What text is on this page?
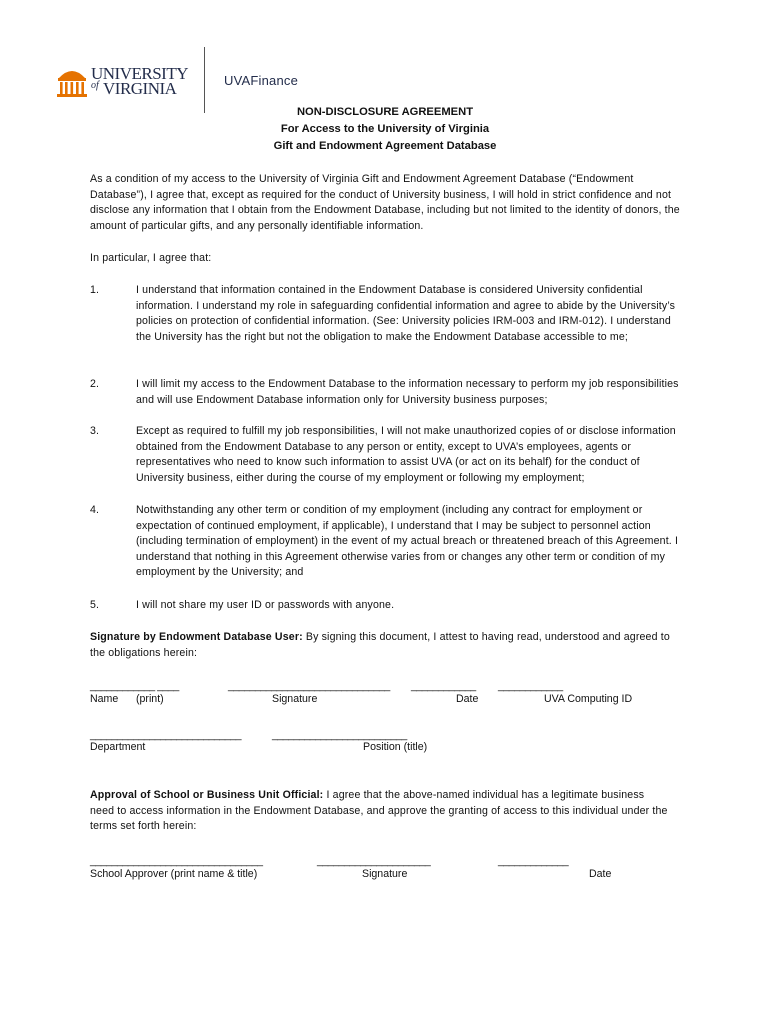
UNIVERSITY
of VIRGINIA	UVAFinance
NON-DISCLOSURE AGREEMENT
For Access to the University of Virginia
Gift and Endowment Agreement Database
As a condition of my access to the University of Virginia Gift and Endowment Agreement Database (“Endowment Database”), I agree that, except as required for the conduct of University business, I will hold in strict confidence and not disclose any information that I obtain from the Endowment Database, including but not limited to the identity of donors, the amount of particular gifts, and any personally identifiable information.
In particular, I agree that:
1.	I understand that information contained in the Endowment Database is considered University confidential information. I understand my role in safeguarding confidential information and agree to abide by the University’s policies on protection of confidential information. (See: University policies IRM-003 and IRM-012). I understand the University has the right but not the obligation to make the Endowment Database accessible to me;
2.	I will limit my access to the Endowment Database to the information necessary to perform my job responsibilities and will use Endowment Database information only for University business purposes;
3.	Except as required to fulfill my job responsibilities, I will not make unauthorized copies of or disclose information obtained from the Endowment Database to any person or entity, except to UVA’s employees, agents or representatives who need to know such information to assist UVA (or act on its behalf) for the conduct of University business, either during the course of my employment or following my employment;
4.	Notwithstanding any other term or condition of my employment (including any contract for employment or expectation of continued employment, if applicable), I understand that I may be subject to personnel action (including termination of employment) in the event of my actual breach or threatened breach of this Agreement. I understand that nothing in this Agreement otherwise varies from or changes any other term or condition of my employment by the University; and
5.	I will not share my user ID or passwords with anyone.
Signature by Endowment Database User: By signing this document, I attest to having read, understood and agreed to the obligations herein:
____________ ____	______________________________ ____________ ____________
Name (print)	Signature	Date	UVA Computing ID
____________________________	_________________________
Department	Position (title)
Approval of School or Business Unit Official: I agree that the above-named individual has a legitimate business need to access information in the Endowment Database, and approve the granting of access to this individual under the terms set forth herein:
________________________________	_____________________	_____________
School Approver (print name & title)	Signature	Date
